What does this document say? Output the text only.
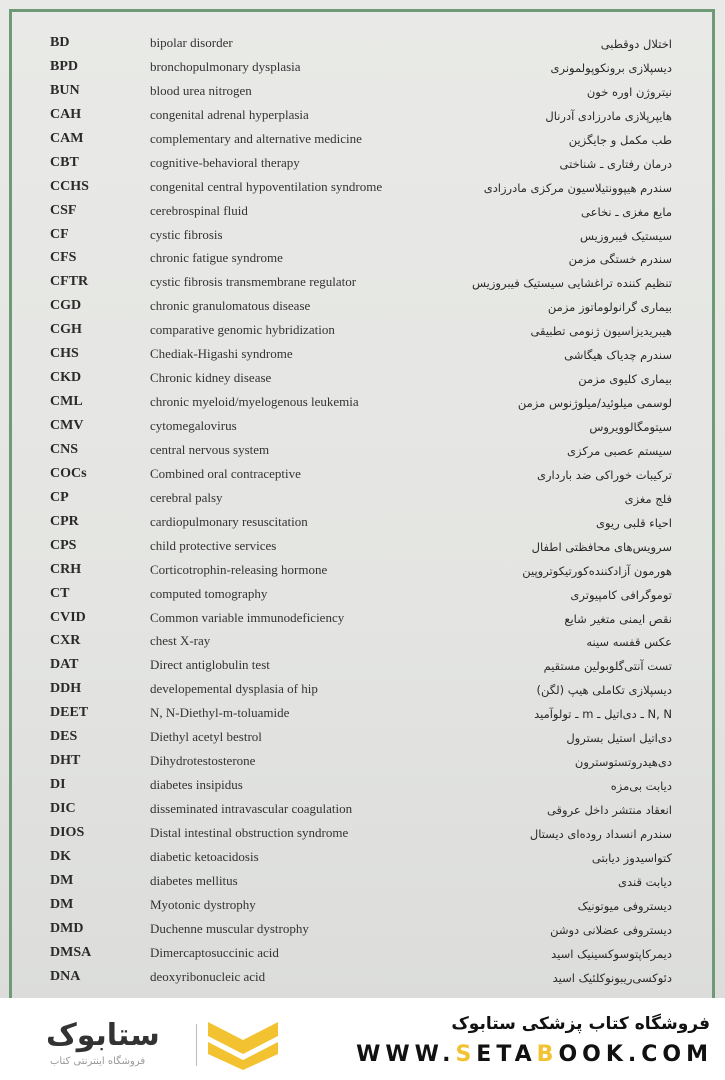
BD	bipolar disorder	اختلال دوقطبی
BPD	bronchopulmonary dysplasia	دیسپلازی برونکوپولمونری
BUN	blood urea nitrogen	نیتروژن اوره خون
CAH	congenital adrenal hyperplasia	هایپرپلازی مادرزادی آدرنال
CAM	complementary and alternative medicine	طب مکمل و جایگزین
CBT	cognitive-behavioral therapy	درمان رفتاری ـ شناختی
CCHS	congenital central hypoventilation syndrome	سندرم هیپوونتیلاسیون مرکزی مادرزادی
CSF	cerebrospinal fluid	مایع مغزی ـ نخاعی
CF	cystic fibrosis	سیستیک فیبروزیس
CFS	chronic fatigue syndrome	سندرم خستگی مزمن
CFTR	cystic fibrosis transmembrane regulator	تنظیم کننده تراغشایی سیستیک فیبروزیس
CGD	chronic granulomatous disease	بیماری گرانولوماتوز مزمن
CGH	comparative genomic hybridization	هیبریدیزاسیون ژنومی تطبیقی
CHS	Chediak-Higashi syndrome	سندرم چدیاک هیگاشی
CKD	Chronic kidney disease	بیماری کلیوی مزمن
CML	chronic myeloid/myelogenous leukemia	لوسمی میلوئید/میلوژنوس مزمن
CMV	cytomegalovirus	سیتومگالوویروس
CNS	central nervous system	سیستم عصبی مرکزی
COCs	Combined oral contraceptive	ترکیبات خوراکی ضد بارداری
CP	cerebral palsy	فلج مغزی
CPR	cardiopulmonary resuscitation	احیاء قلبی ریوی
CPS	child protective services	سرویس‌های محافظتی اطفال
CRH	Corticotrophin-releasing hormone	هورمون آزادکننده‌کورتیکوتروپین
CT	computed tomography	توموگرافی کامپیوتری
CVID	Common variable immunodeficiency	نقص ایمنی متغیر شایع
CXR	chest X-ray	عکس قفسه سینه
DAT	Direct antiglobulin test	تست آنتی‌گلوبولین مستقیم
DDH	developemental dysplasia of hip	دیسپلازی تکاملی هیپ (لگن)
DEET	N, N-Diethyl-m-toluamide	N, N ـ دی‌اتیل ـ m ـ تولوآمید
DES	Diethyl acetyl bestrol	دی‌اتیل استیل بسترول
DHT	Dihydrotestosterone	دی‌هیدروتستوسترون
DI	diabetes insipidus	دیابت بی‌مزه
DIC	disseminated intravascular coagulation	انعقاد منتشر داخل عروقی
DIOS	Distal intestinal obstruction syndrome	سندرم انسداد روده‌ای دیستال
DK	diabetic ketoacidosis	کتواسیدوز دیابتی
DM	diabetes mellitus	دیابت قندی
DM	Myotonic dystrophy	دیستروفی میوتونیک
DMD	Duchenne muscular dystrophy	دیستروفی عضلانی دوشن
DMSA	Dimercaptosuccinic acid	دیمرکاپتوسوکسینیک اسید
DNA	deoxyribonucleic acid	دئوکسی‌ریبونوکلئیک اسید
ستابوک
فروشگاه اینترنتی کتاب
فروشگاه کتاب پزشکی ستابوک
WWW.SETABOOK.COM
